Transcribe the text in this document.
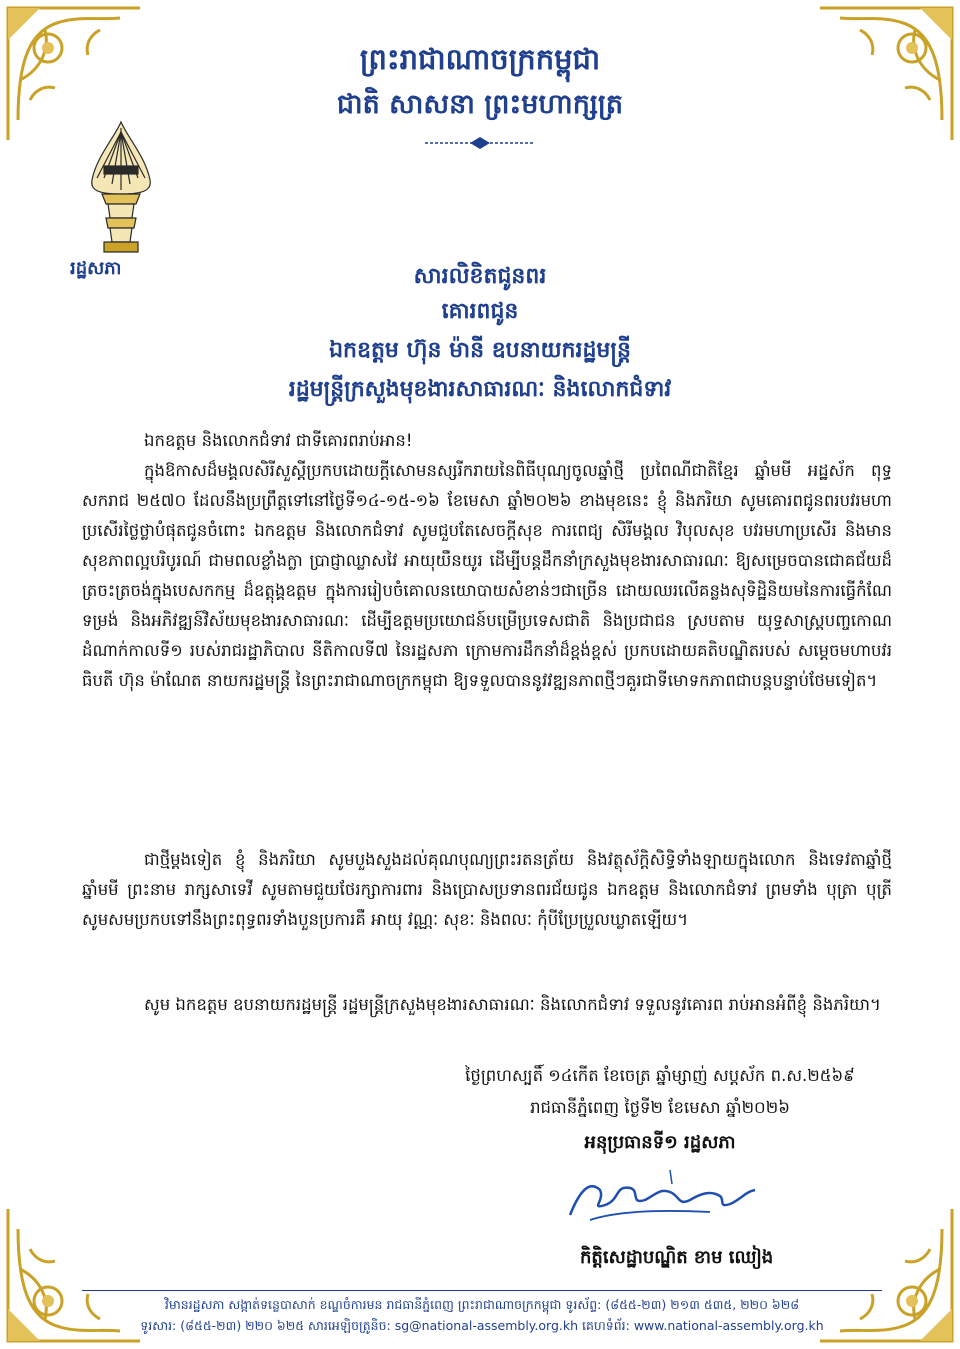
ព្រះរាជាណាចក្រកម្ពុជា
ជាតិ សាសនា ព្រះមហាក្សត្រ
រដ្ឋសភា	សារលិខិតជូនពរ
គោរពជូន
ឯកឧត្តម ហ៊ុន ម៉ានី ឧបនាយករដ្ឋមន្ត្រី
រដ្ឋមន្ត្រីក្រសួងមុខងារសាធារណៈ និងលោកជំទាវ
ឯកឧត្តម និងលោកជំទាវ ជាទីគោរពរាប់អាន!
ក្នុងឱកាសដ៏មង្គលសិរីសួស្តីប្រកបដោយក្តីសោមនស្សរីករាយនៃពិធីបុណ្យចូលឆ្នាំថ្មី ប្រពៃណីជាតិខ្មែរ ឆ្នាំមមី អដ្ឋស័ក ពុទ្ធសករាជ ២៥៧០ ដែលនឹងប្រព្រឹត្តទៅនៅថ្ងៃទី១៤-១៥-១៦ ខែមេសា ឆ្នាំ២០២៦ ខាងមុខនេះ ខ្ញុំ និងភរិយា សូមគោរពជូនពរបវរមហាប្រសើរថ្លៃថ្លាបំផុតជូនចំពោះ ឯកឧត្តម និងលោកជំទាវ សូមជួបតែសេចក្តីសុខ ការពេជ្យ សិរីមង្គល វិបុលសុខ បវរមហាប្រសើរ និងមានសុខភាពល្អបរិបូរណ៍ ជាមពលខ្លាំងក្លា ប្រាជ្ញាឈ្លាសវៃ អាយុយឺនយូរ ដើម្បីបន្តដឹកនាំក្រសួងមុខងារសាធារណៈ ឱ្យសម្រេចបានជោគជ័យដ៏ត្រចះត្រចង់ក្នុងបេសកកម្ម ដ៏ឧត្តុង្គឧត្តម ក្នុងការរៀបចំគោលនយោបាយសំខាន់ៗជាច្រើន ដោយឈរលើគន្លងសុទិដ្ឋិនិយមនៃការធ្វើកំណែ ទម្រង់ និងអភិវឌ្ឍន៍វិស័យមុខងារសាធារណៈ ដើម្បីឧត្តមប្រយោជន៍បម្រើប្រទេសជាតិ និងប្រជាជន ស្របតាម យុទ្ធសាស្ត្របញ្ចកោណដំណាក់កាលទី១ របស់រាជរដ្ឋាភិបាល នីតិកាលទី៧ នៃរដ្ឋសភា ក្រោមការដឹកនាំដ៏ខ្ពង់ខ្ពស់ ប្រកបដោយគតិបណ្ឌិតរបស់ សម្តេចមហាបវរធិបតី ហ៊ុន ម៉ាណែត នាយករដ្ឋមន្ត្រី នៃព្រះរាជាណាចក្រកម្ពុជា ឱ្យទទួលបាននូវវឌ្ឍនភាពថ្មីៗគួរជាទីមោទកភាពជាបន្តបន្ទាប់ថែមទៀត។
ជាថ្មីម្តងទៀត ខ្ញុំ និងភរិយា សូមបួងសួងដល់គុណបុណ្យព្រះរតនត្រ័យ និងវត្ថុស័ក្តិសិទ្ធិទាំងឡាយក្នុងលោក និងទេវតាឆ្នាំថ្មី ឆ្នាំមមី ព្រះនាម រាក្សសាទេវី សូមតាមជួយថែរក្សាការពារ និងប្រោសប្រទានពរជ័យជូន ឯកឧត្តម និងលោកជំទាវ ព្រមទាំង បុត្រា បុត្រី សូមសមប្រកបទៅនឹងព្រះពុទ្ធពរទាំងបួនប្រការគឺ អាយុ វណ្ណៈ សុខៈ និងពលៈ កុំបីប្រែប្រួលឃ្លាតឡើយ។
សូម ឯកឧត្តម ឧបនាយករដ្ឋមន្ត្រី រដ្ឋមន្ត្រីក្រសួងមុខងារសាធារណៈ និងលោកជំទាវ ទទួលនូវគោរព រាប់អានអំពីខ្ញុំ និងភរិយា។
ថ្ងៃព្រហស្បតិ៍ ១៤កើត ខែចេត្រ ឆ្នាំម្សាញ់ សប្តស័ក ព.ស.២៥៦៩
រាជធានីភ្នំពេញ ថ្ងៃទី២ ខែមេសា ឆ្នាំ២០២៦
អនុប្រធានទី១ រដ្ឋសភា
កិត្តិសេដ្ឋាបណ្ឌិត ខាម ឈៀង
វិមានរដ្ឋសភា សង្កាត់ទន្លេបាសាក់ ខណ្ឌចំការមន រាជធានីភ្នំពេញ ព្រះរាជាណាចក្រកម្ពុជា ទូរស័ព្ទ: (៨៥៥-២៣) ២១៣ ៥៣៥, ២២០ ៦២៨
ទូរសារ: (៨៥៥-២៣) ២២០ ៦២៥ សារអេឡិចត្រូនិច: sg@national-assembly.org.kh គេហទំព័រ: www.national-assembly.org.kh
